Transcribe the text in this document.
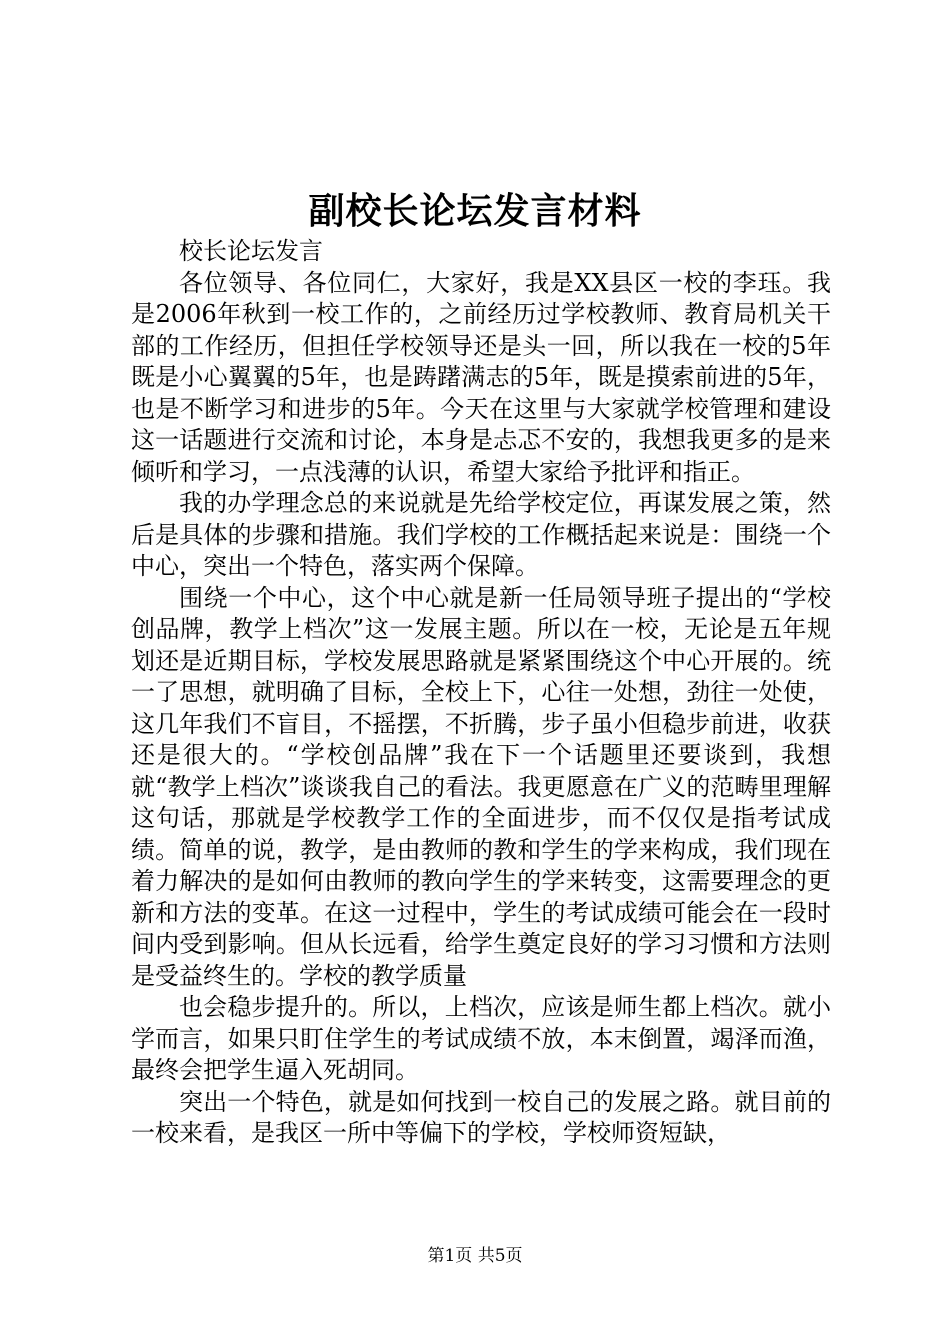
副校长论坛发言材料

校长论坛发言

各位领导、各位同仁，大家好，我是XX县区一校的李珏。我是2006年秋到一校工作的，之前经历过学校教师、教育局机关干部的工作经历，但担任学校领导还是头一回，所以我在一校的5年既是小心翼翼的5年，也是踌躇满志的5年，既是摸索前进的5年，也是不断学习和进步的5年。今天在这里与大家就学校管理和建设这一话题进行交流和讨论，本身是忐忑不安的，我想我更多的是来倾听和学习，一点浅薄的认识，希望大家给予批评和指正。

我的办学理念总的来说就是先给学校定位，再谋发展之策，然后是具体的步骤和措施。我们学校的工作概括起来说是：围绕一个中心，突出一个特色，落实两个保障。

围绕一个中心，这个中心就是新一任局领导班子提出的“学校创品牌，教学上档次”这一发展主题。所以在一校，无论是五年规划还是近期目标，学校发展思路就是紧紧围绕这个中心开展的。统一了思想，就明确了目标，全校上下，心往一处想，劲往一处使，这几年我们不盲目，不摇摆，不折腾，步子虽小但稳步前进，收获还是很大的。“学校创品牌”我在下一个话题里还要谈到，我想就“教学上档次”谈谈我自己的看法。我更愿意在广义的范畴里理解这句话，那就是学校教学工作的全面进步，而不仅仅是指考试成绩。简单的说，教学，是由教师的教和学生的学来构成，我们现在着力解决的是如何由教师的教向学生的学来转变，这需要理念的更新和方法的变革。在这一过程中，学生的考试成绩可能会在一段时间内受到影响。但从长远看，给学生奠定良好的学习习惯和方法则是受益终生的。学校的教学质量

也会稳步提升的。所以，上档次，应该是师生都上档次。就小学而言，如果只盯住学生的考试成绩不放，本末倒置，竭泽而渔，最终会把学生逼入死胡同。

突出一个特色，就是如何找到一校自己的发展之路。就目前的一校来看，是我区一所中等偏下的学校，学校师资短缺，

第1页 共5页
